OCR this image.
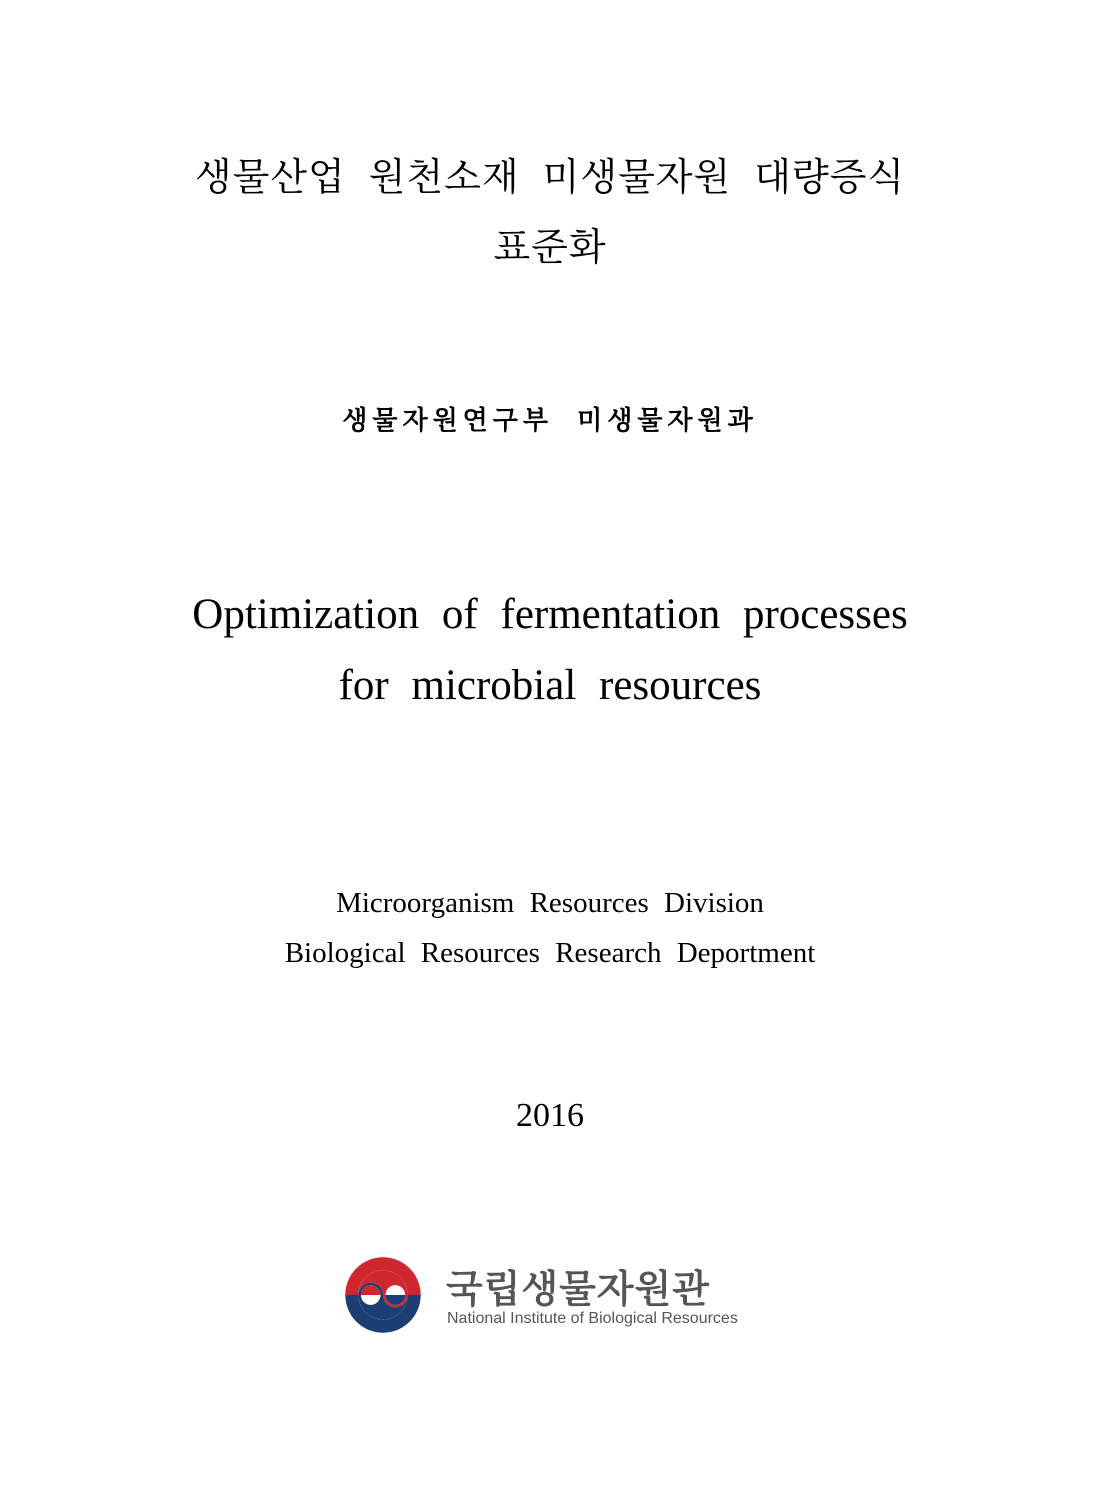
생물산업 원천소재 미생물자원 대량증식
표준화
생물자원연구부 미생물자원과
Optimization of fermentation processes
for microbial resources
Microorganism Resources Division
Biological Resources Research Deportment
2016
국립생물자원관
National Institute of Biological Resources
